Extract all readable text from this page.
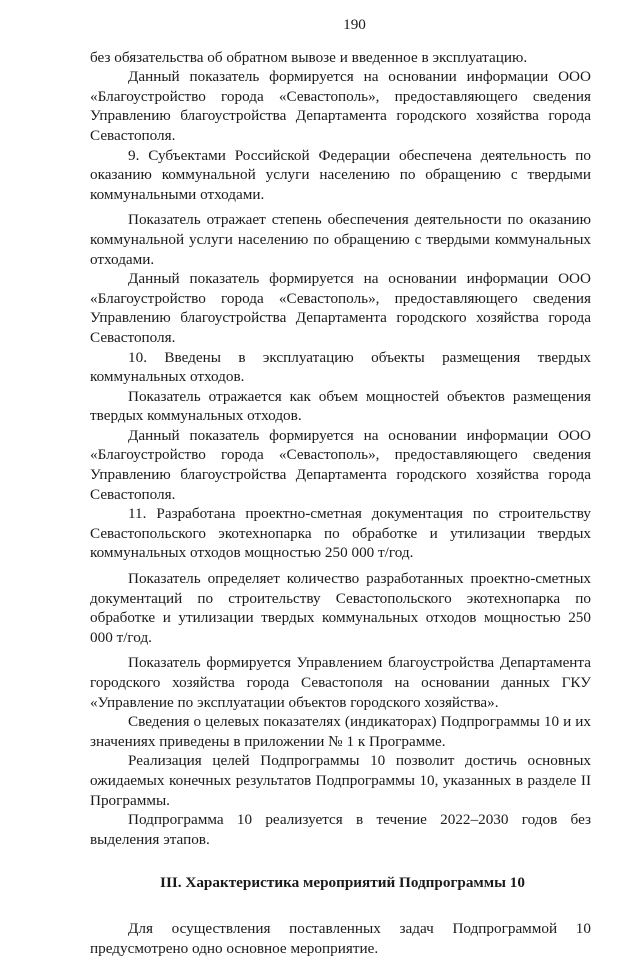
190

без обязательства об обратном вывозе и введенное в эксплуатацию.

Данный показатель формируется на основании информации ООО «Благоустройство города «Севастополь», предоставляющего сведения Управлению благоустройства Департамента городского хозяйства города Севастополя.

9. Субъектами Российской Федерации обеспечена деятельность по оказанию коммунальной услуги населению по обращению с твердыми коммунальными отходами.

Показатель отражает степень обеспечения деятельности по оказанию коммунальной услуги населению по обращению с твердыми коммунальных отходами.

Данный показатель формируется на основании информации ООО «Благоустройство города «Севастополь», предоставляющего сведения Управлению благоустройства Департамента городского хозяйства города Севастополя.

10. Введены в эксплуатацию объекты размещения твердых коммунальных отходов.

Показатель отражается как объем мощностей объектов размещения твердых коммунальных отходов.

Данный показатель формируется на основании информации ООО «Благоустройство города «Севастополь», предоставляющего сведения Управлению благоустройства Департамента городского хозяйства города Севастополя.

11. Разработана проектно-сметная документация по строительству Севастопольского экотехнопарка по обработке и утилизации твердых коммунальных отходов мощностью 250 000 т/год.

Показатель определяет количество разработанных проектно-сметных документаций по строительству Севастопольского экотехнопарка по обработке и утилизации твердых коммунальных отходов мощностью 250 000 т/год.

Показатель формируется Управлением благоустройства Департамента городского хозяйства города Севастополя на основании данных ГКУ «Управление по эксплуатации объектов городского хозяйства».

Сведения о целевых показателях (индикаторах) Подпрограммы 10 и их значениях приведены в приложении № 1 к Программе.

Реализация целей Подпрограммы 10 позволит достичь основных ожидаемых конечных результатов Подпрограммы 10, указанных в разделе II Программы.

Подпрограмма 10 реализуется в течение 2022–2030 годов без выделения этапов.

III. Характеристика мероприятий Подпрограммы 10

Для осуществления поставленных задач Подпрограммой 10 предусмотрено одно основное мероприятие.
